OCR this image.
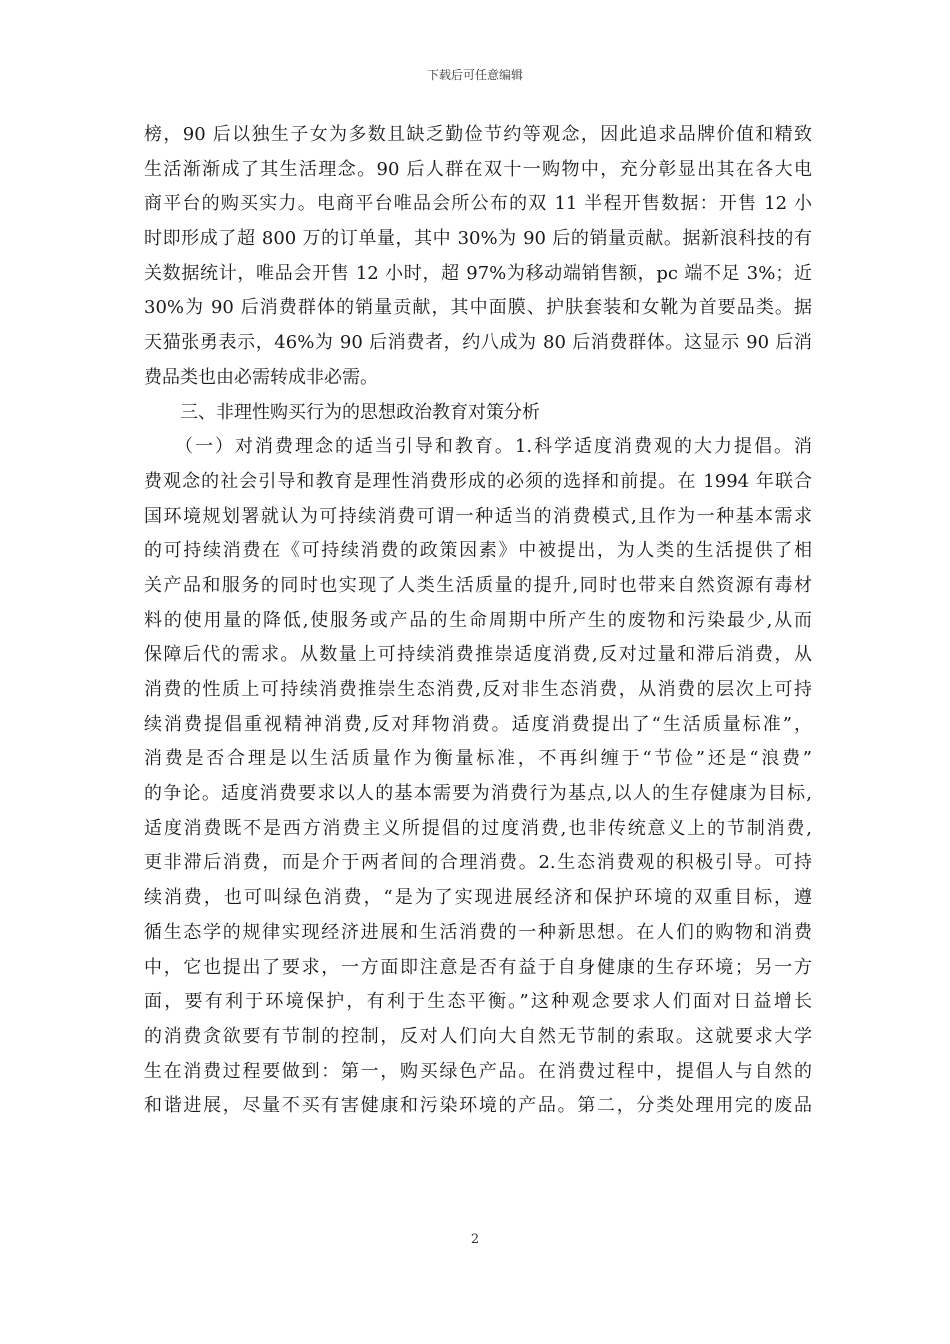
下载后可任意编辑
榜，90 后以独生子女为多数且缺乏勤俭节约等观念，因此追求品牌价值和精致
生活渐渐成了其生活理念。90 后人群在双十一购物中，充分彰显出其在各大电
商平台的购买实力。电商平台唯品会所公布的双 11 半程开售数据：开售 12 小
时即形成了超 800 万的订单量，其中 30%为 90 后的销量贡献。据新浪科技的有
关数据统计，唯品会开售 12 小时，超 97%为移动端销售额，pc 端不足 3%；近
30%为 90 后消费群体的销量贡献，其中面膜、护肤套装和女靴为首要品类。据
天猫张勇表示，46%为 90 后消费者，约八成为 80 后消费群体。这显示 90 后消
费品类也由必需转成非必需。
　　三、非理性购买行为的思想政治教育对策分析
　　（一）对消费理念的适当引导和教育。1.科学适度消费观的大力提倡。消
费观念的社会引导和教育是理性消费形成的必须的选择和前提。在 1994 年联合
国环境规划署就认为可持续消费可谓一种适当的消费模式,且作为一种基本需求
的可持续消费在《可持续消费的政策因素》中被提出，为人类的生活提供了相
关产品和服务的同时也实现了人类生活质量的提升,同时也带来自然资源有毒材
料的使用量的降低,使服务或产品的生命周期中所产生的废物和污染最少,从而
保障后代的需求。从数量上可持续消费推崇适度消费,反对过量和滞后消费，从
消费的性质上可持续消费推崇生态消费,反对非生态消费，从消费的层次上可持
续消费提倡重视精神消费,反对拜物消费。适度消费提出了“生活质量标准”，
消费是否合理是以生活质量作为衡量标准，不再纠缠于“节俭”还是“浪费”
的争论。适度消费要求以人的基本需要为消费行为基点,以人的生存健康为目标,
适度消费既不是西方消费主义所提倡的过度消费,也非传统意义上的节制消费,
更非滞后消费，而是介于两者间的合理消费。2.生态消费观的积极引导。可持
续消费，也可叫绿色消费，“是为了实现进展经济和保护环境的双重目标，遵
循生态学的规律实现经济进展和生活消费的一种新思想。在人们的购物和消费
中，它也提出了要求，一方面即注意是否有益于自身健康的生存环境；另一方
面，要有利于环境保护，有利于生态平衡。”这种观念要求人们面对日益增长
的消费贪欲要有节制的控制，反对人们向大自然无节制的索取。这就要求大学
生在消费过程要做到：第一，购买绿色产品。在消费过程中，提倡人与自然的
和谐进展，尽量不买有害健康和污染环境的产品。第二，分类处理用完的废品
2
